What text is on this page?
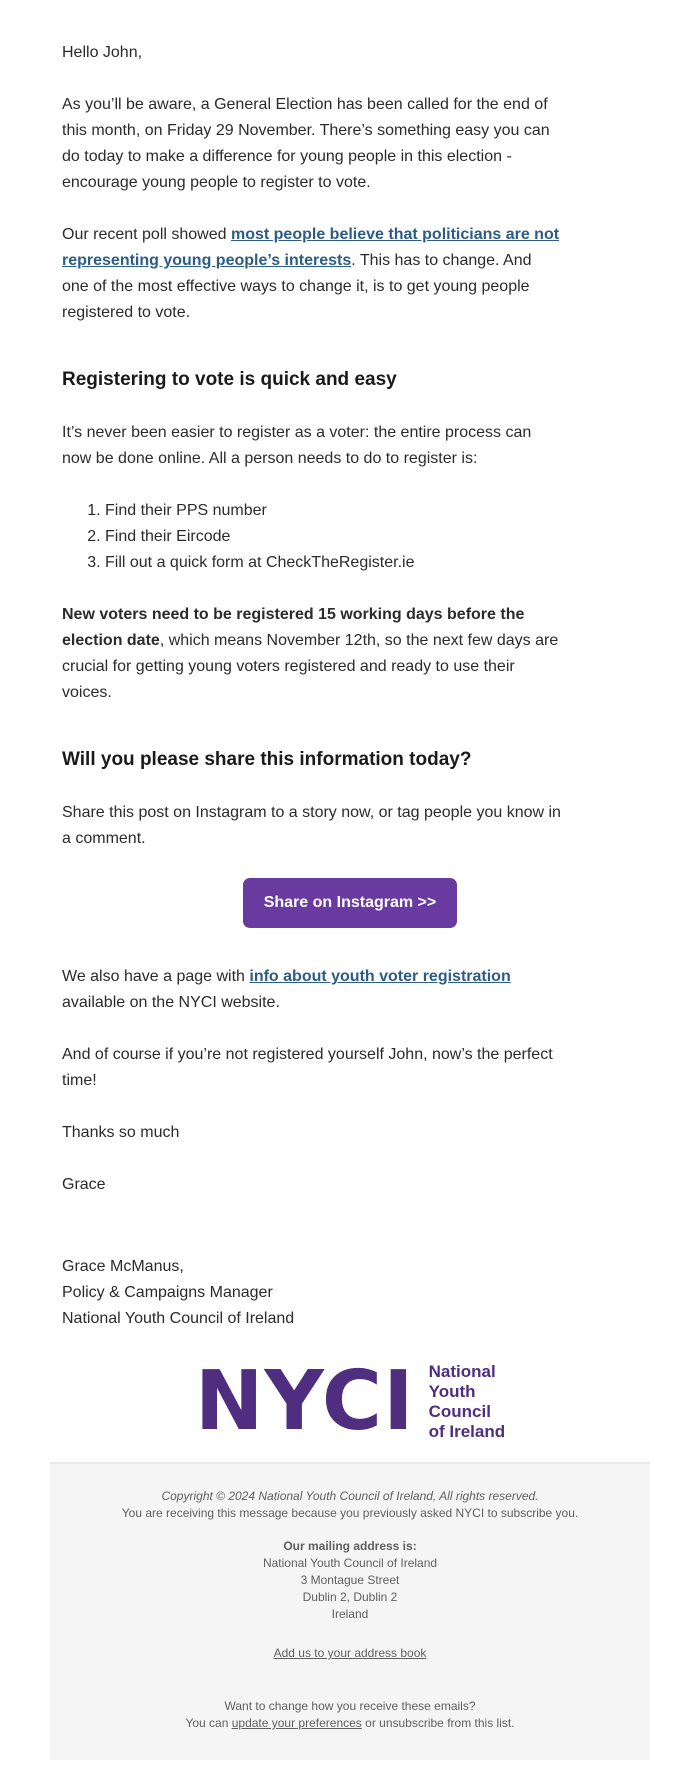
Hello John,

As you’ll be aware, a General Election has been called for the end of this month, on Friday 29 November. There’s something easy you can do today to make a difference for young people in this election - encourage young people to register to vote.

Our recent poll showed most people believe that politicians are not representing young people’s interests. This has to change. And one of the most effective ways to change it, is to get young people registered to vote.

Registering to vote is quick and easy

It’s never been easier to register as a voter: the entire process can now be done online. All a person needs to do to register is:

1. Find their PPS number
2. Find their Eircode
3. Fill out a quick form at CheckTheRegister.ie

New voters need to be registered 15 working days before the election date, which means November 12th, so the next few days are crucial for getting young voters registered and ready to use their voices.

Will you please share this information today?

Share this post on Instagram to a story now, or tag people you know in a comment.

Share on Instagram >>

We also have a page with info about youth voter registration available on the NYCI website.

And of course if you’re not registered yourself John, now’s the perfect time!

Thanks so much

Grace

Grace McManus,
Policy & Campaigns Manager
National Youth Council of Ireland
NYCI National
Youth
Council
of Ireland
Copyright © 2024 National Youth Council of Ireland, All rights reserved.
You are receiving this message because you previously asked NYCI to subscribe you.
Our mailing address is:
National Youth Council of Ireland
3 Montague Street
Dublin 2, Dublin 2
Ireland
Add us to your address book
Want to change how you receive these emails?
You can update your preferences or unsubscribe from this list.
